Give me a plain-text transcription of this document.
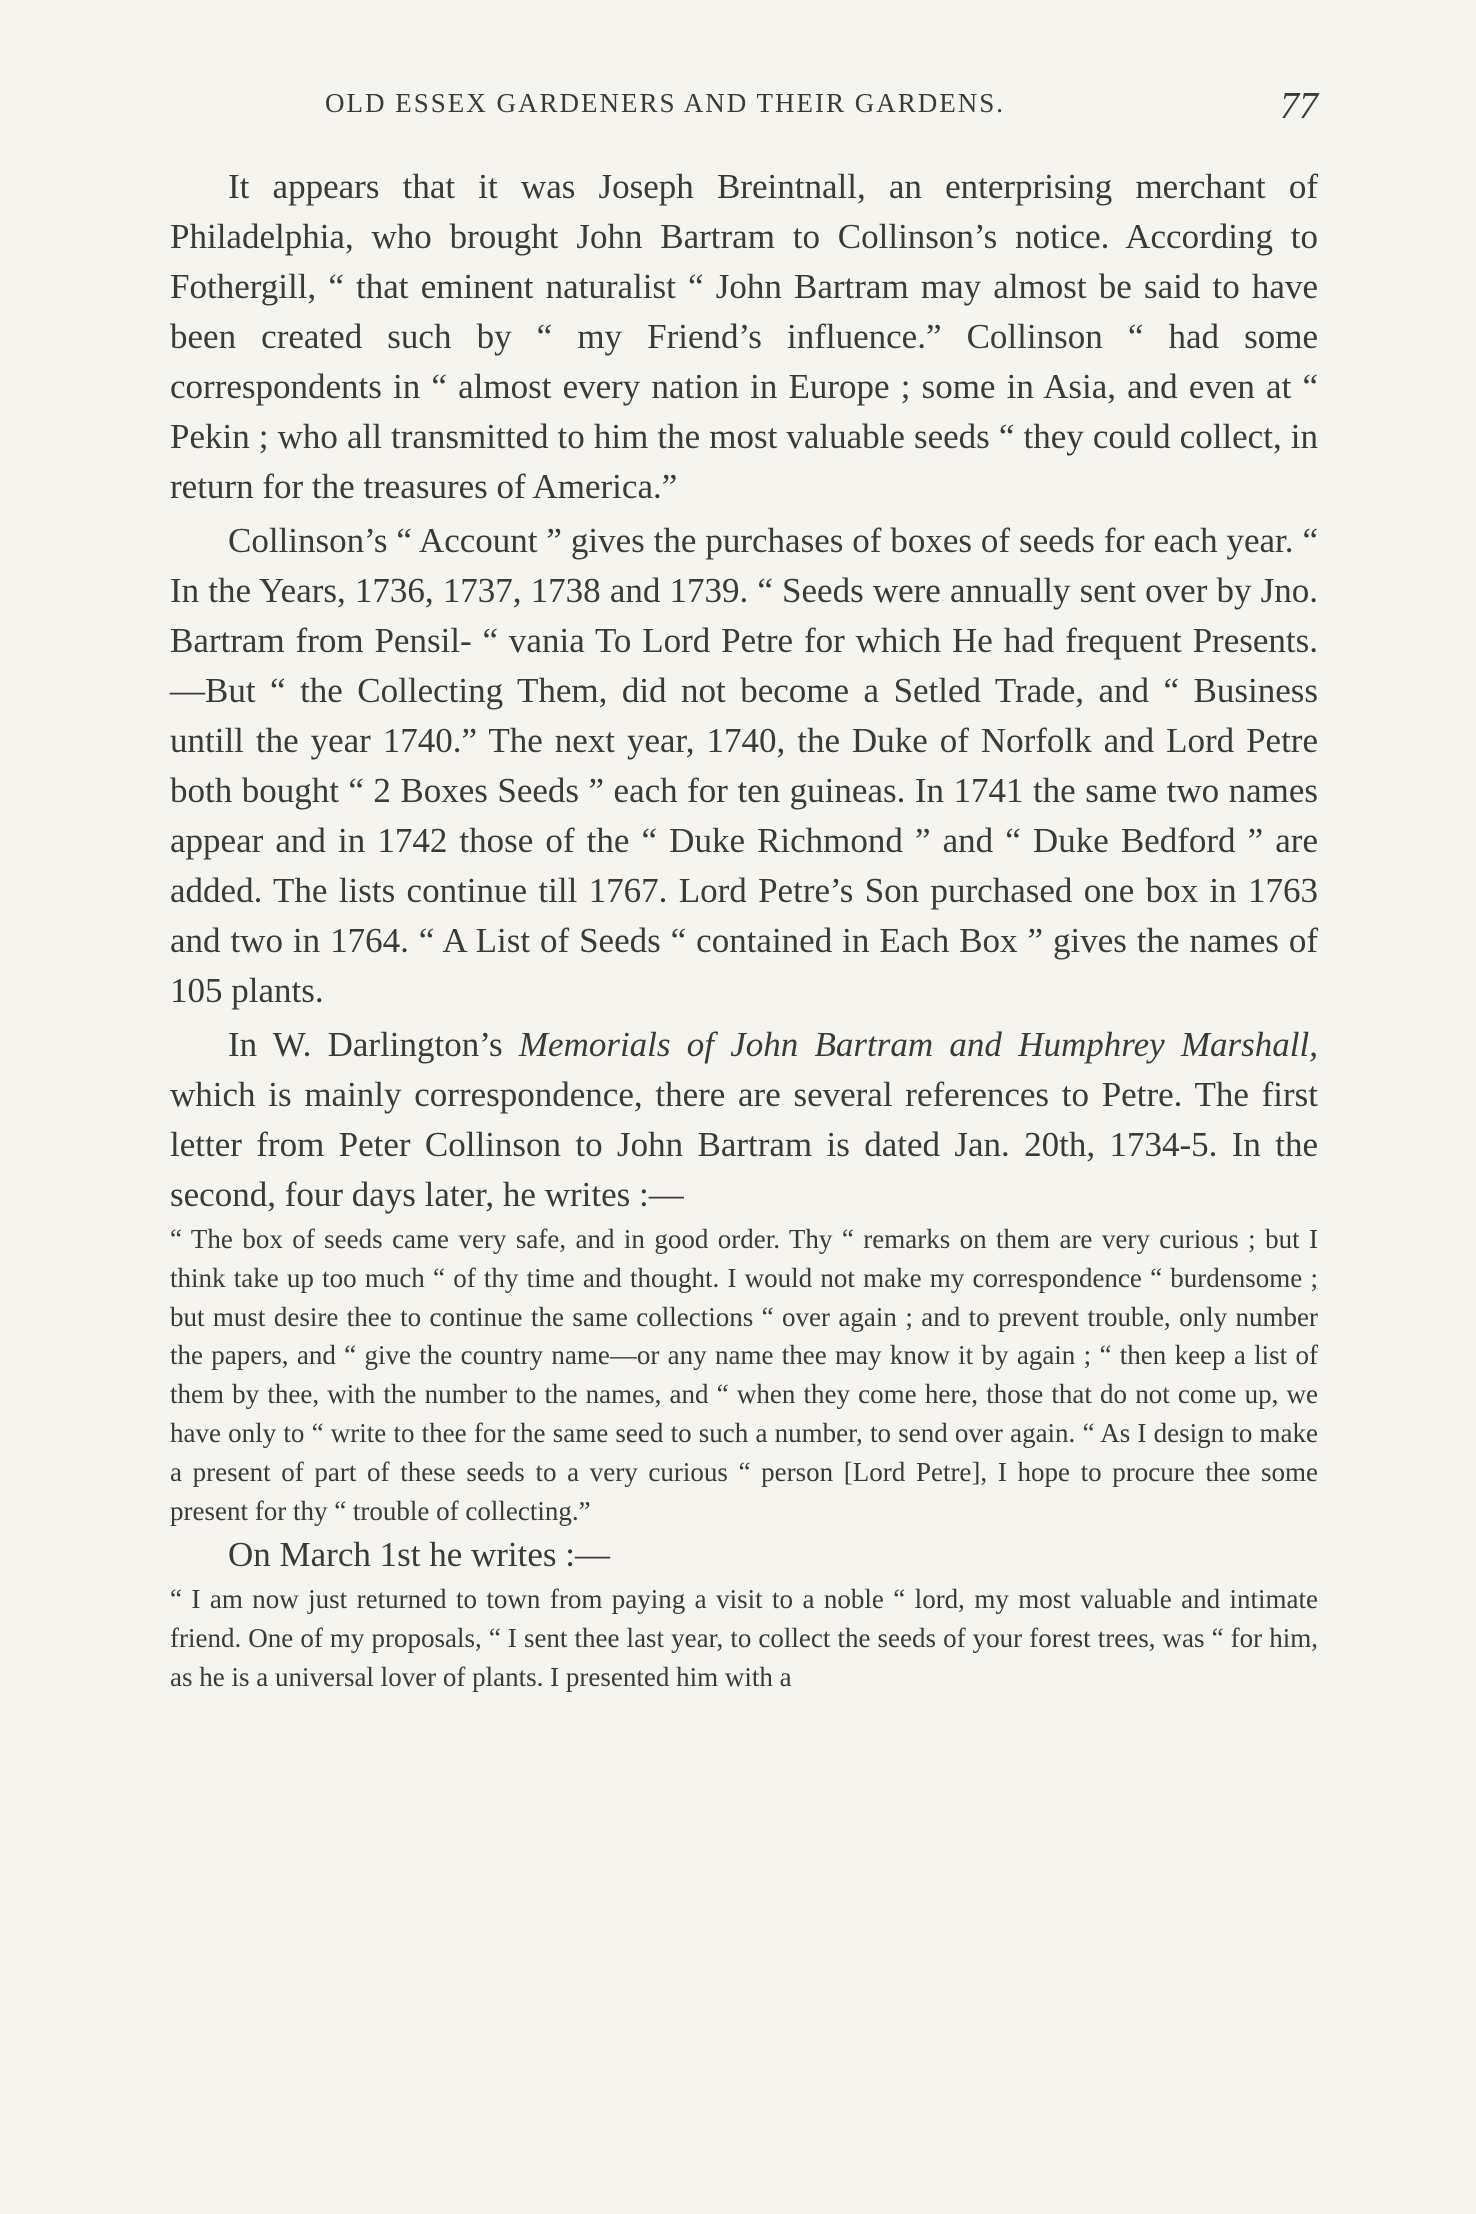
OLD ESSEX GARDENERS AND THEIR GARDENS.	77

It appears that it was Joseph Breintnall, an enterprising merchant of Philadelphia, who brought John Bartram to Collinson’s notice. According to Fothergill, “ that eminent naturalist “ John Bartram may almost be said to have been created such by “ my Friend’s influence.” Collinson “ had some correspondents in “ almost every nation in Europe ; some in Asia, and even at “ Pekin ; who all transmitted to him the most valuable seeds “ they could collect, in return for the treasures of America.”

Collinson’s “ Account ” gives the purchases of boxes of seeds for each year. “ In the Years, 1736, 1737, 1738 and 1739. “ Seeds were annually sent over by Jno. Bartram from Pensil- “ vania To Lord Petre for which He had frequent Presents.—But “ the Collecting Them, did not become a Setled Trade, and “ Business untill the year 1740.” The next year, 1740, the Duke of Norfolk and Lord Petre both bought “ 2 Boxes Seeds ” each for ten guineas. In 1741 the same two names appear and in 1742 those of the “ Duke Richmond ” and “ Duke Bedford ” are added. The lists continue till 1767. Lord Petre’s Son purchased one box in 1763 and two in 1764. “ A List of Seeds “ contained in Each Box ” gives the names of 105 plants.

In W. Darlington’s Memorials of John Bartram and Humphrey Marshall, which is mainly correspondence, there are several references to Petre. The first letter from Peter Collinson to John Bartram is dated Jan. 20th, 1734-5. In the second, four days later, he writes :—

“ The box of seeds came very safe, and in good order. Thy “ remarks on them are very curious ; but I think take up too much “ of thy time and thought. I would not make my correspondence “ burdensome ; but must desire thee to continue the same collections “ over again ; and to prevent trouble, only number the papers, and “ give the country name—or any name thee may know it by again ; “ then keep a list of them by thee, with the number to the names, and “ when they come here, those that do not come up, we have only to “ write to thee for the same seed to such a number, to send over again. “ As I design to make a present of part of these seeds to a very curious “ person [Lord Petre], I hope to procure thee some present for thy “ trouble of collecting.”

On March 1st he writes :—

“ I am now just returned to town from paying a visit to a noble “ lord, my most valuable and intimate friend. One of my proposals, “ I sent thee last year, to collect the seeds of your forest trees, was “ for him, as he is a universal lover of plants. I presented him with a
